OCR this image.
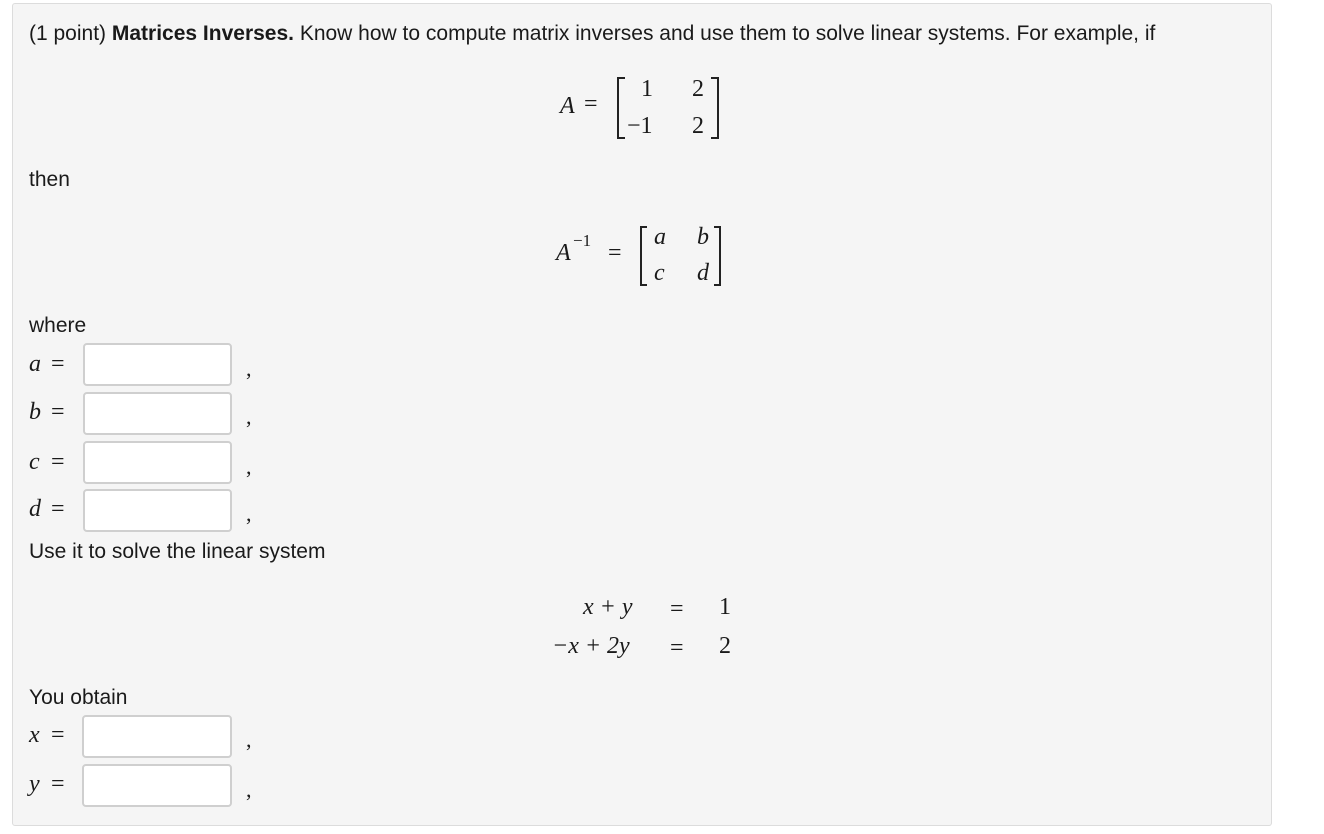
(1 point) Matrices Inverses. Know how to compute matrix inverses and use them to solve linear systems. For example, if
A =
1 2
−1 2
then
A −1 =
a b
c d
where
a =	,
b =	,
c =	,
d =	,
Use it to solve the linear system
x + y = 1
−x + 2y = 2
You obtain
x =	,
y =	,
